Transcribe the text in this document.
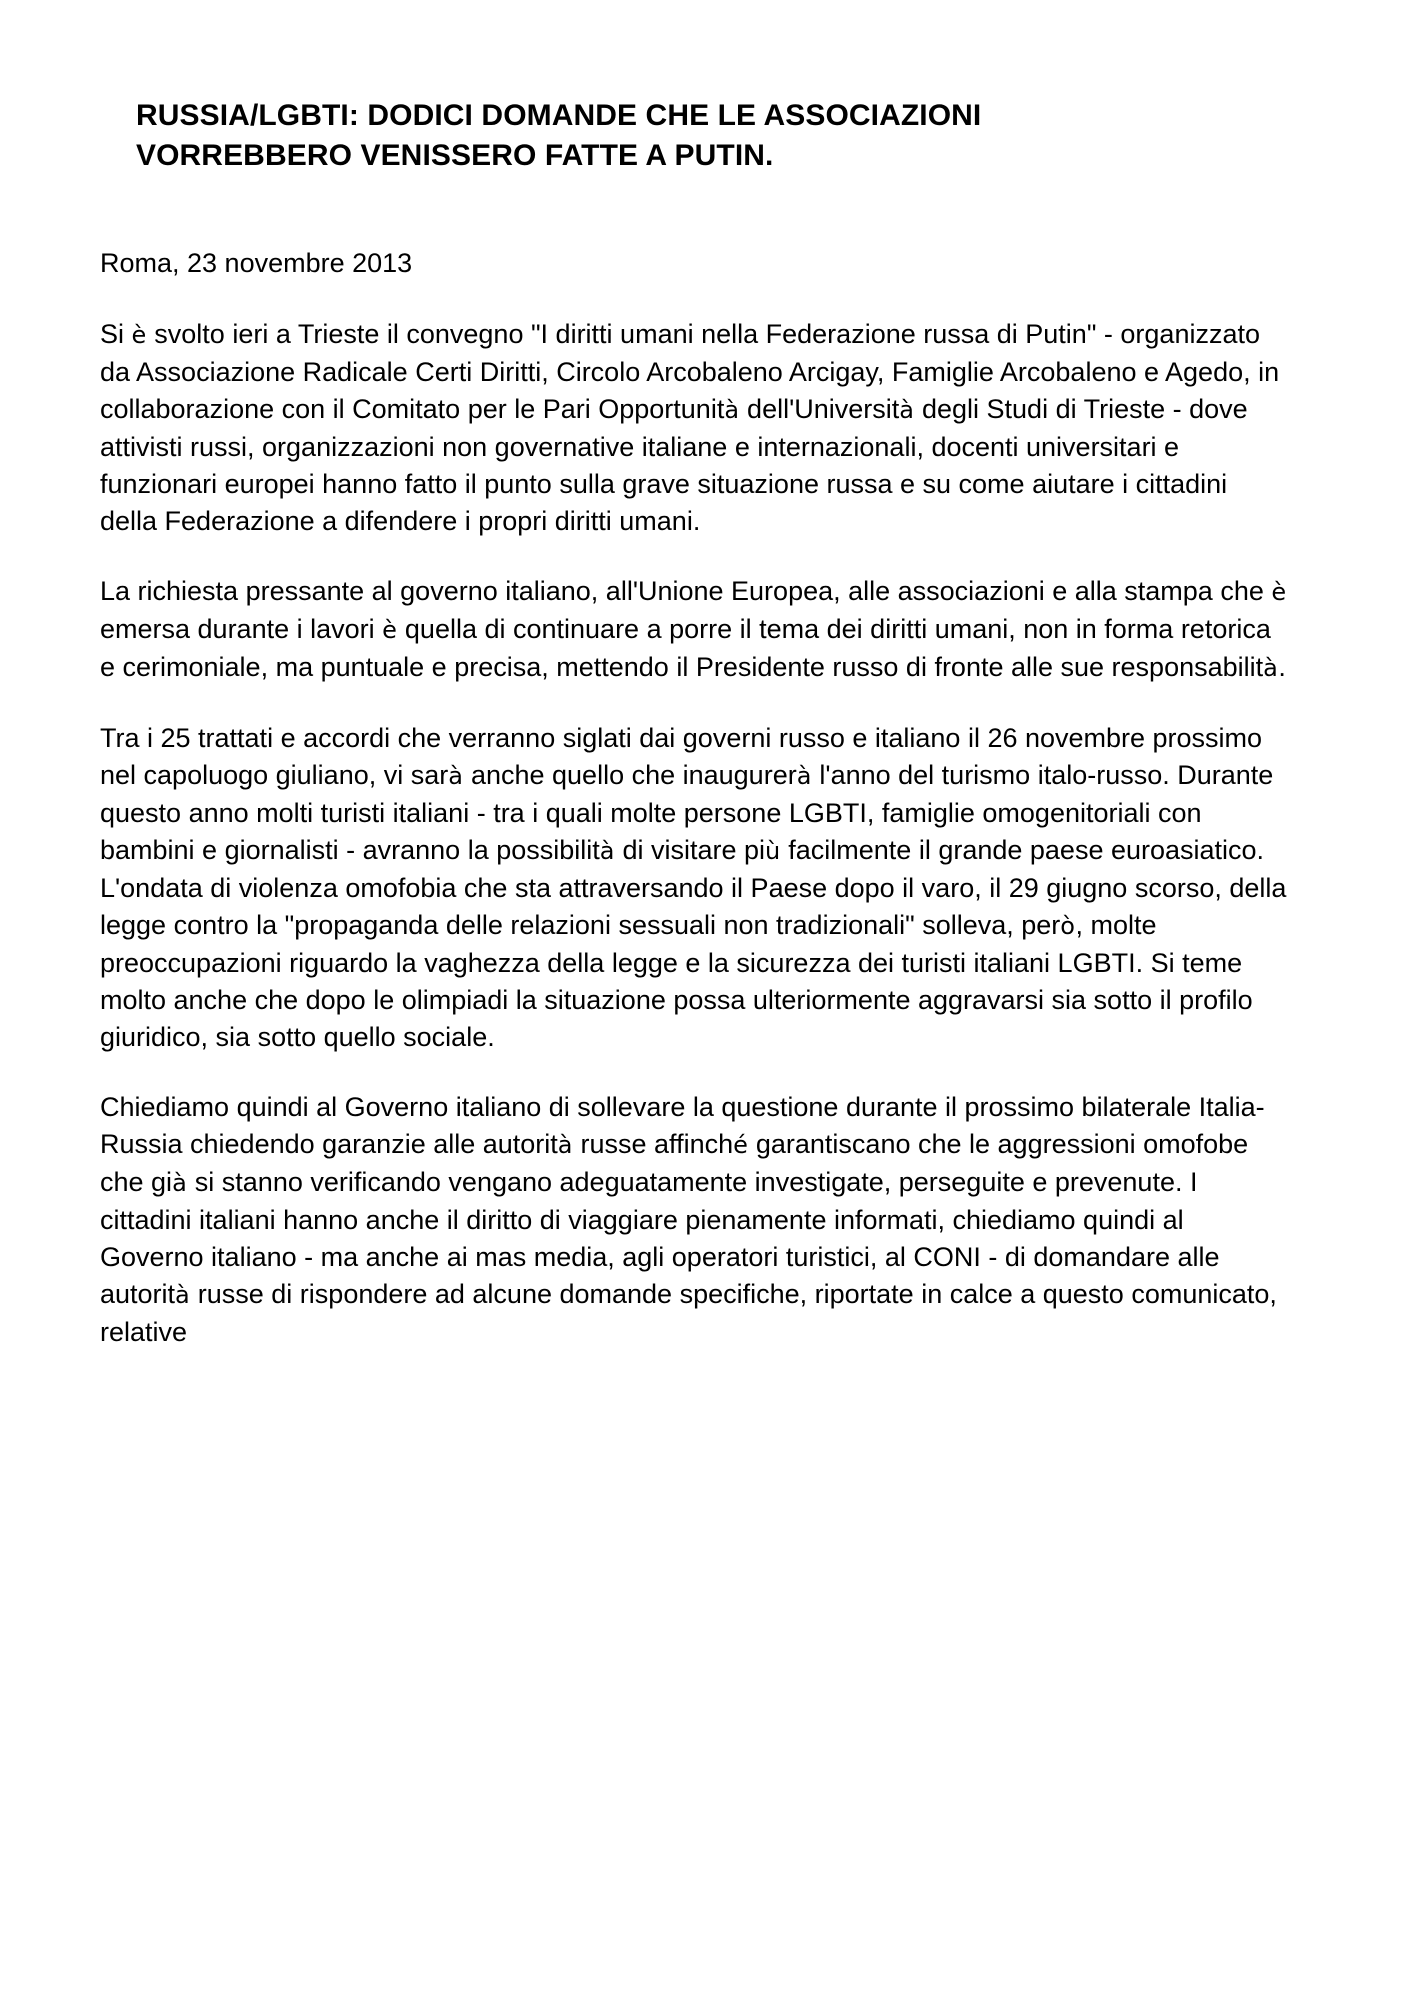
RUSSIA/LGBTI: DODICI DOMANDE CHE LE ASSOCIAZIONI VORREBBERO VENISSERO FATTE A PUTIN.
Roma, 23 novembre 2013

Si è svolto ieri a Trieste il convegno "I diritti umani nella Federazione russa di Putin" - organizzato da Associazione Radicale Certi Diritti, Circolo Arcobaleno Arcigay, Famiglie Arcobaleno e Agedo, in collaborazione con il Comitato per le Pari Opportunità dell'Università degli Studi di Trieste - dove attivisti russi, organizzazioni non governative italiane e internazionali, docenti universitari e funzionari europei hanno fatto il punto sulla grave situazione russa e su come aiutare i cittadini della Federazione a difendere i propri diritti umani.

La richiesta pressante al governo italiano, all'Unione Europea, alle associazioni e alla stampa che è emersa durante i lavori è quella di continuare a porre il tema dei diritti umani, non in forma retorica e cerimoniale, ma puntuale e precisa, mettendo il Presidente russo di fronte alle sue responsabilità.

Tra i 25 trattati e accordi che verranno siglati dai governi russo e italiano il 26 novembre prossimo nel capoluogo giuliano, vi sarà anche quello che inaugurerà l'anno del turismo italo-russo. Durante questo anno molti turisti italiani - tra i quali molte persone LGBTI, famiglie omogenitoriali con bambini e giornalisti - avranno la possibilità di visitare più facilmente il grande paese euroasiatico. L'ondata di violenza omofobia che sta attraversando il Paese dopo il varo, il 29 giugno scorso, della legge contro la "propaganda delle relazioni sessuali non tradizionali" solleva, però, molte preoccupazioni riguardo la vaghezza della legge e la sicurezza dei turisti italiani LGBTI. Si teme molto anche che dopo le olimpiadi la situazione possa ulteriormente aggravarsi sia sotto il profilo giuridico, sia sotto quello sociale.

Chiediamo quindi al Governo italiano di sollevare la questione durante il prossimo bilaterale Italia-Russia chiedendo garanzie alle autorità russe affinché garantiscano che le aggressioni omofobe che già si stanno verificando vengano adeguatamente investigate, perseguite e prevenute. I cittadini italiani hanno anche il diritto di viaggiare pienamente informati, chiediamo quindi al Governo italiano - ma anche ai mas media, agli operatori turistici, al CONI - di domandare alle autorità russe di rispondere ad alcune domande specifiche, riportate in calce a questo comunicato, relative
